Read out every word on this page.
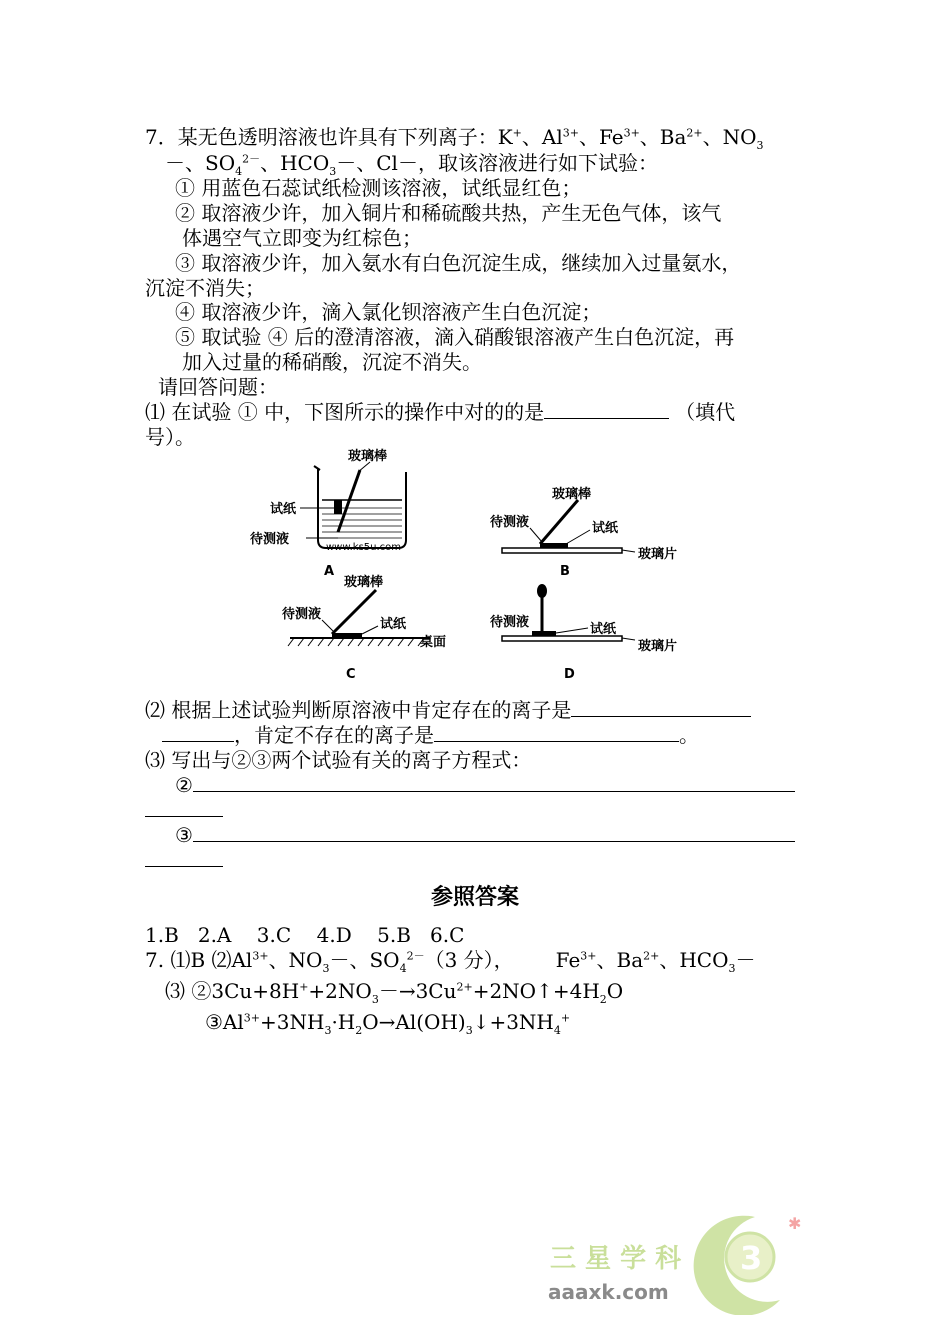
7．某无色透明溶液也许具有下列离子：K+、$Al^{3+}$、$Fe^{3+}$、$Ba^{2+}$、$NO_3$
－、$SO_4^{2-}$、$HCO_3-$、Cl－，取该溶液进行如下试验：
① 用蓝色石蕊试纸检测该溶液，试纸显红色；
② 取溶液少许，加入铜片和稀硫酸共热，产生无色气体，该气
体遇空气立即变为红棕色；
③ 取溶液少许，加入氨水有白色沉淀生成，继续加入过量氨水，
沉淀不消失；
④ 取溶液少许，滴入氯化钡溶液产生白色沉淀；
⑤ 取试验 ④ 后的澄清溶液，滴入硝酸银溶液产生白色沉淀，再
加入过量的稀硝酸，沉淀不消失。
请回答问题：
⑴ 在试验 ① 中，下图所示的操作中对的的是	（填代
号）。
玻璃棒
试纸
待测液
www.ks5u.com
A
玻璃棒
待测液	试纸
玻璃片
B
玻璃棒
待测液
试纸
桌面
C
待测液	试纸
玻璃片
D
⑵ 根据上述试验判断原溶液中肯定存在的离子是
，肯定不存在的离子是	。
⑶ 写出与②③两个试验有关的离子方程式：
②
③
参照答案
1.B   2.A    3.C    4.D    5.B   6.C
7. ⑴B $⑵Al^{3+}$、$NO_3-$、$SO_4^{2-}(3$ 分）， $Fe^{3+}$、$Ba^{2+}$、$HCO_3-$
⑶ $②3Cu+8H^++2NO_3-\to 3Cu^{2+}+2NO↑+4H_2O$
$③Al^{3+}+3NH_3\cdot H_2O\to Al(OH)_3↓+3NH_4^+$
三 星 学 科
aaaxk.com
3
✱
